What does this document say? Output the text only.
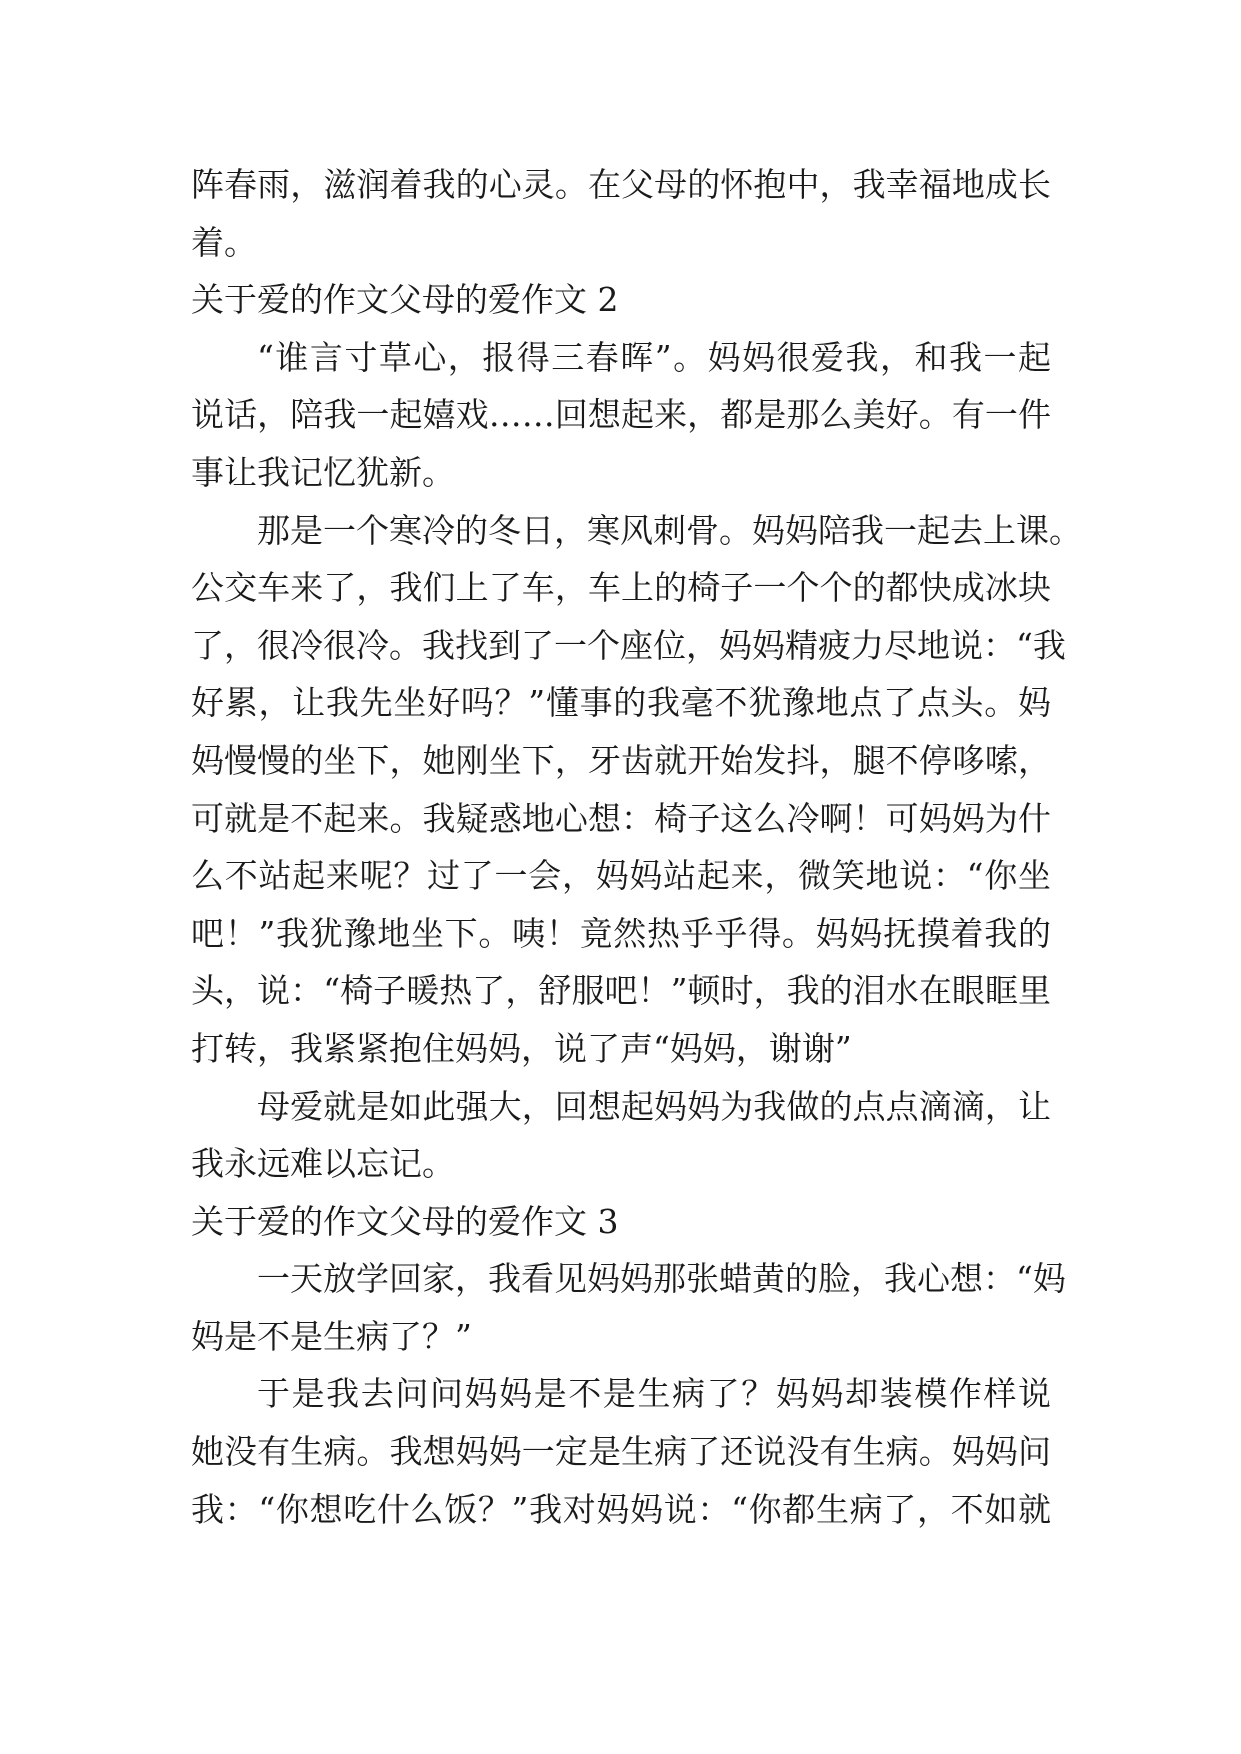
阵春雨，滋润着我的心灵。在父母的怀抱中，我幸福地成长
着。
关于爱的作文父母的爱作文 2
“谁言寸草心，报得三春晖”。妈妈很爱我，和我一起
说话，陪我一起嬉戏……回想起来，都是那么美好。有一件
事让我记忆犹新。
那是一个寒冷的冬日，寒风刺骨。妈妈陪我一起去上课。
公交车来了，我们上了车，车上的椅子一个个的都快成冰块
了，很冷很冷。我找到了一个座位，妈妈精疲力尽地说：“我
好累，让我先坐好吗？”懂事的我毫不犹豫地点了点头。妈
妈慢慢的坐下，她刚坐下，牙齿就开始发抖，腿不停哆嗦，
可就是不起来。我疑惑地心想：椅子这么冷啊！可妈妈为什
么不站起来呢？过了一会，妈妈站起来，微笑地说：“你坐
吧！”我犹豫地坐下。咦！竟然热乎乎得。妈妈抚摸着我的
头，说：“椅子暖热了，舒服吧！”顿时，我的泪水在眼眶里
打转，我紧紧抱住妈妈，说了声“妈妈，谢谢”
母爱就是如此强大，回想起妈妈为我做的点点滴滴，让
我永远难以忘记。
关于爱的作文父母的爱作文 3
一天放学回家，我看见妈妈那张蜡黄的脸，我心想：“妈
妈是不是生病了？”
于是我去问问妈妈是不是生病了？妈妈却装模作样说
她没有生病。我想妈妈一定是生病了还说没有生病。妈妈问
我：“你想吃什么饭？”我对妈妈说：“你都生病了，不如就
